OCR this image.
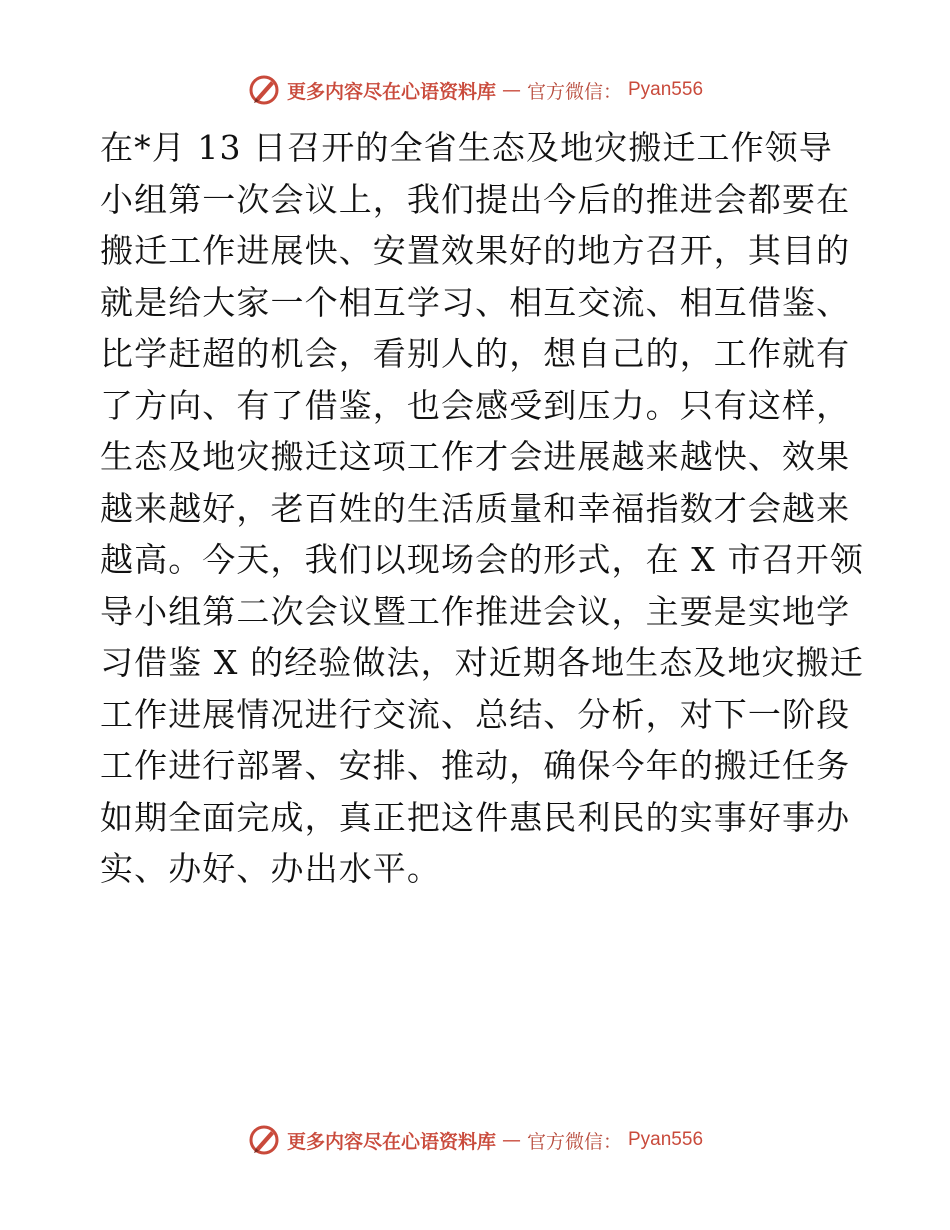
更多内容尽在心语资料库 — 官方微信： Pyan556
在*月 13 日召开的全省生态及地灾搬迁工作领导
小组第一次会议上，我们提出今后的推进会都要在
搬迁工作进展快、安置效果好的地方召开，其目的
就是给大家一个相互学习、相互交流、相互借鉴、
比学赶超的机会，看别人的，想自己的，工作就有
了方向、有了借鉴，也会感受到压力。只有这样，
生态及地灾搬迁这项工作才会进展越来越快、效果
越来越好，老百姓的生活质量和幸福指数才会越来
越高。今天，我们以现场会的形式，在 X 市召开领
导小组第二次会议暨工作推进会议，主要是实地学
习借鉴 X 的经验做法，对近期各地生态及地灾搬迁
工作进展情况进行交流、总结、分析，对下一阶段
工作进行部署、安排、推动，确保今年的搬迁任务
如期全面完成，真正把这件惠民利民的实事好事办
实、办好、办出水平。
更多内容尽在心语资料库 — 官方微信： Pyan556
